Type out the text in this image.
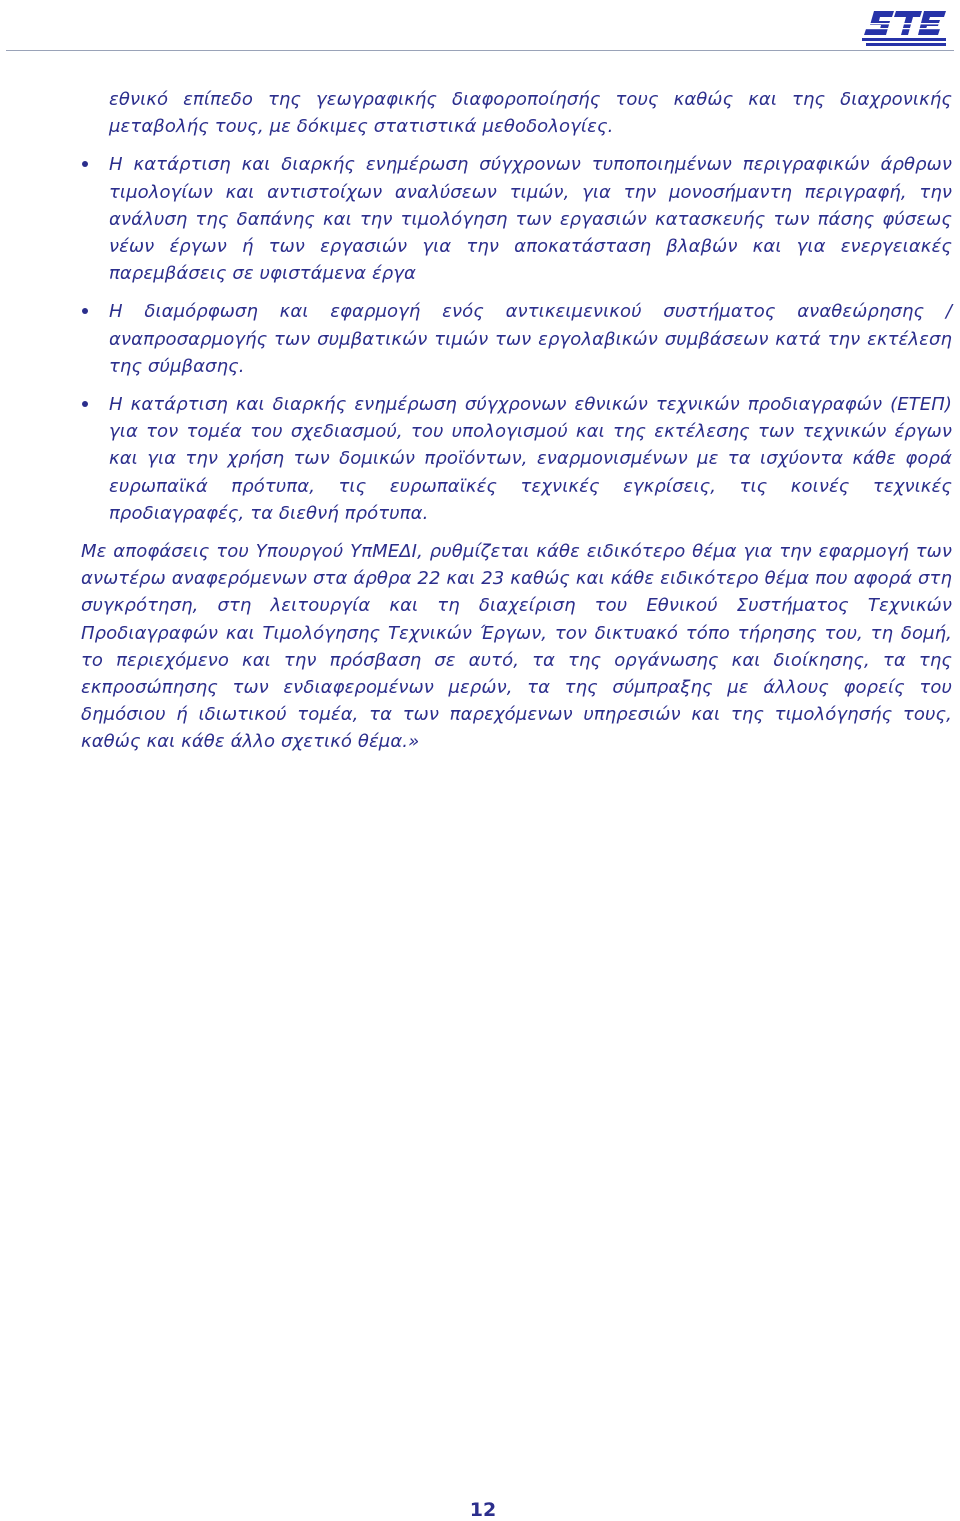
εθνικό επίπεδο της γεωγραφικής διαφοροποίησής τους καθώς και της διαχρονικής μεταβολής τους, με δόκιμες στατιστικά μεθοδολογίες.

Η κατάρτιση και διαρκής ενημέρωση σύγχρονων τυποποιημένων περιγραφικών άρθρων τιμολογίων και αντιστοίχων αναλύσεων τιμών, για την μονοσήμαντη περιγραφή, την ανάλυση της δαπάνης και την τιμολόγηση των εργασιών κατασκευής των πάσης φύσεως νέων έργων ή των εργασιών για την αποκατάσταση βλαβών και για ενεργειακές παρεμβάσεις σε υφιστάμενα έργα
Η διαμόρφωση και εφαρμογή ενός αντικειμενικού συστήματος αναθεώρησης / αναπροσαρμογής των συμβατικών τιμών των εργολαβικών συμβάσεων κατά την εκτέλεση της σύμβασης.
Η κατάρτιση και διαρκής ενημέρωση σύγχρονων εθνικών τεχνικών προδιαγραφών (ΕΤΕΠ) για τον τομέα του σχεδιασμού, του υπολογισμού και της εκτέλεσης των τεχνικών έργων και για την χρήση των δομικών προϊόντων, εναρμονισμένων με τα ισχύοντα κάθε φορά ευρωπαϊκά πρότυπα, τις ευρωπαϊκές τεχνικές εγκρίσεις, τις κοινές τεχνικές προδιαγραφές, τα διεθνή πρότυπα.

Με αποφάσεις του Υπουργού ΥπΜΕΔΙ, ρυθμίζεται κάθε ειδικότερο θέμα για την εφαρμογή των ανωτέρω αναφερόμενων στα άρθρα 22 και 23 καθώς και κάθε ειδικότερο θέμα που αφορά στη συγκρότηση, στη λειτουργία και τη διαχείριση του Εθνικού Συστήματος Τεχνικών Προδιαγραφών και Τιμολόγησης Τεχνικών Έργων, τον δικτυακό τόπο τήρησης του, τη δομή, το περιεχόμενο και την πρόσβαση σε αυτό, τα της οργάνωσης και διοίκησης, τα της εκπροσώπησης των ενδιαφερομένων μερών, τα της σύμπραξης με άλλους φορείς του δημόσιου ή ιδιωτικού τομέα, τα των παρεχόμενων υπηρεσιών και της τιμολόγησής τους, καθώς και κάθε άλλο σχετικό θέμα.»

12
